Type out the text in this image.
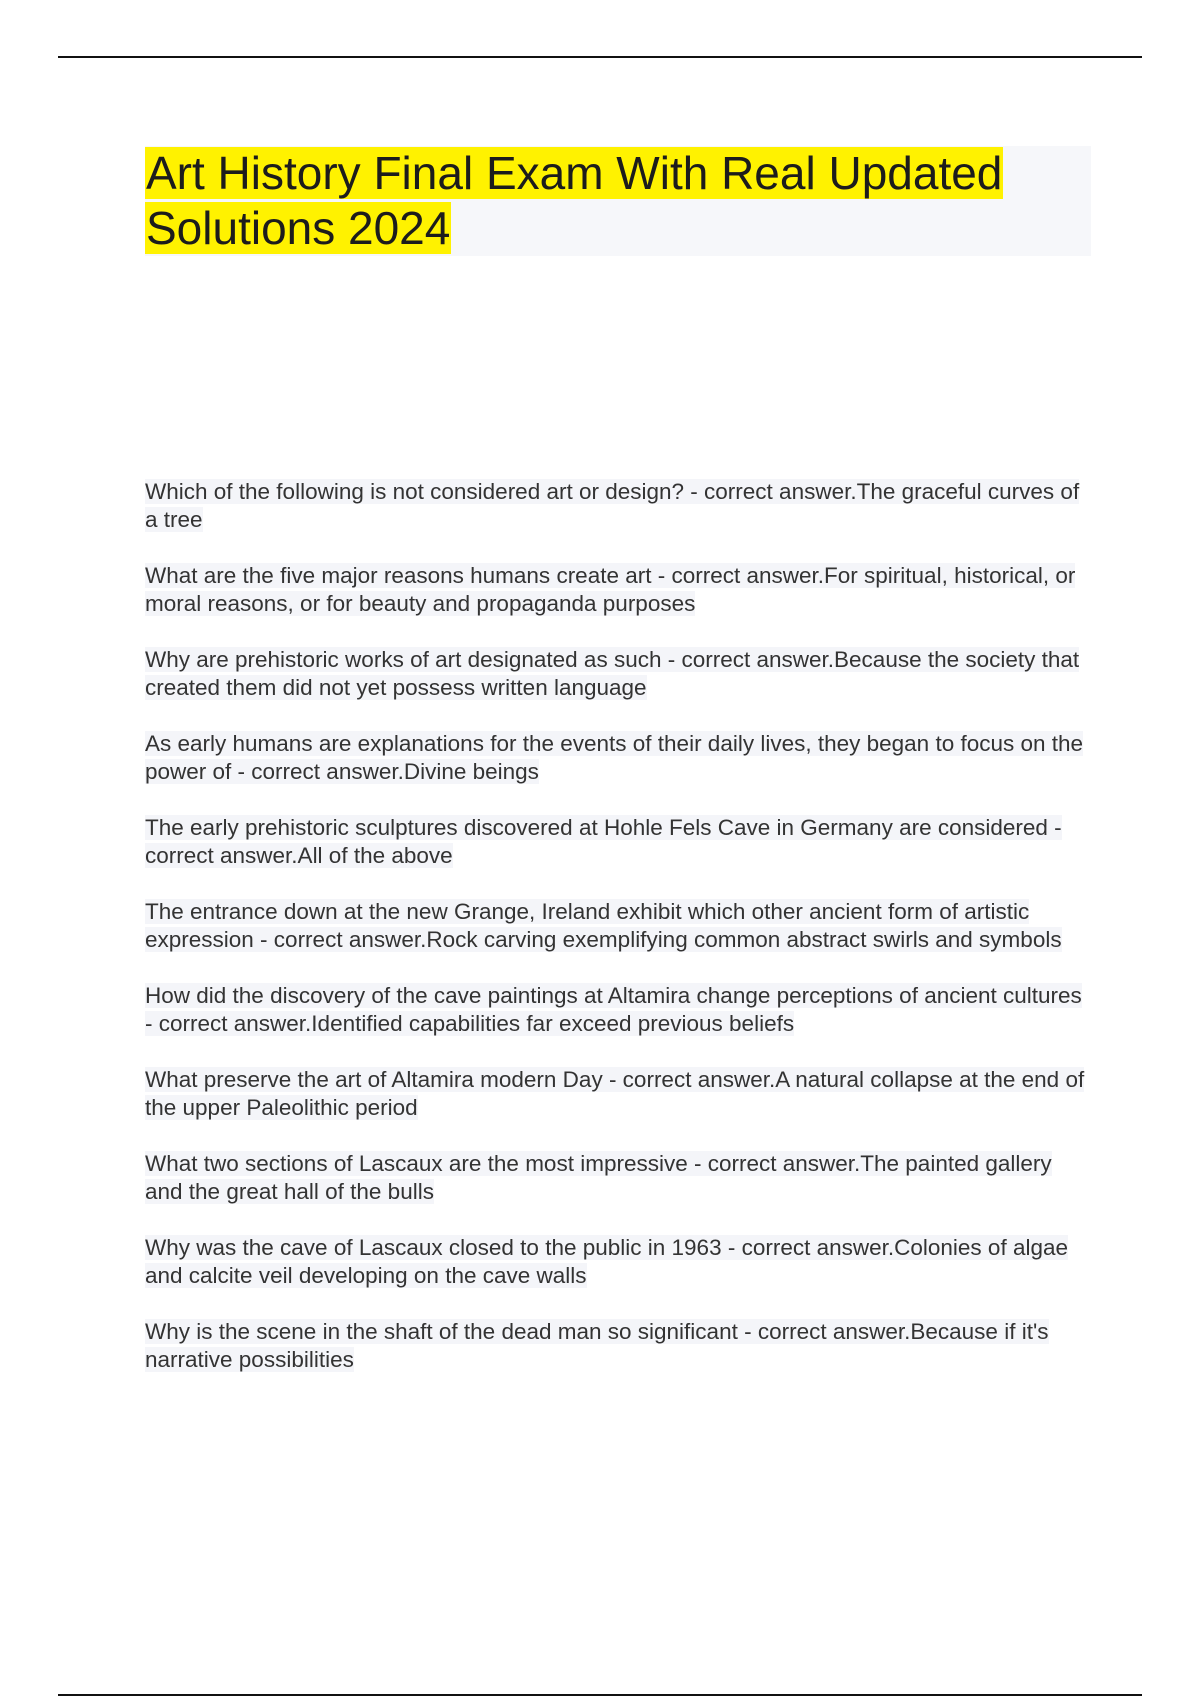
Art History Final Exam With Real Updated
Solutions 2024

Which of the following is not considered art or design? - correct answer.The graceful curves of a tree

What are the five major reasons humans create art - correct answer.For spiritual, historical, or moral reasons, or for beauty and propaganda purposes

Why are prehistoric works of art designated as such - correct answer.Because the society that created them did not yet possess written language

As early humans are explanations for the events of their daily lives, they began to focus on the power of - correct answer.Divine beings

The early prehistoric sculptures discovered at Hohle Fels Cave in Germany are considered - correct answer.All of the above

The entrance down at the new Grange, Ireland exhibit which other ancient form of artistic expression - correct answer.Rock carving exemplifying common abstract swirls and symbols

How did the discovery of the cave paintings at Altamira change perceptions of ancient cultures - correct answer.Identified capabilities far exceed previous beliefs

What preserve the art of Altamira modern Day - correct answer.A natural collapse at the end of the upper Paleolithic period

What two sections of Lascaux are the most impressive - correct answer.The painted gallery and the great hall of the bulls

Why was the cave of Lascaux closed to the public in 1963 - correct answer.Colonies of algae and calcite veil developing on the cave walls

Why is the scene in the shaft of the dead man so significant - correct answer.Because if it's narrative possibilities
